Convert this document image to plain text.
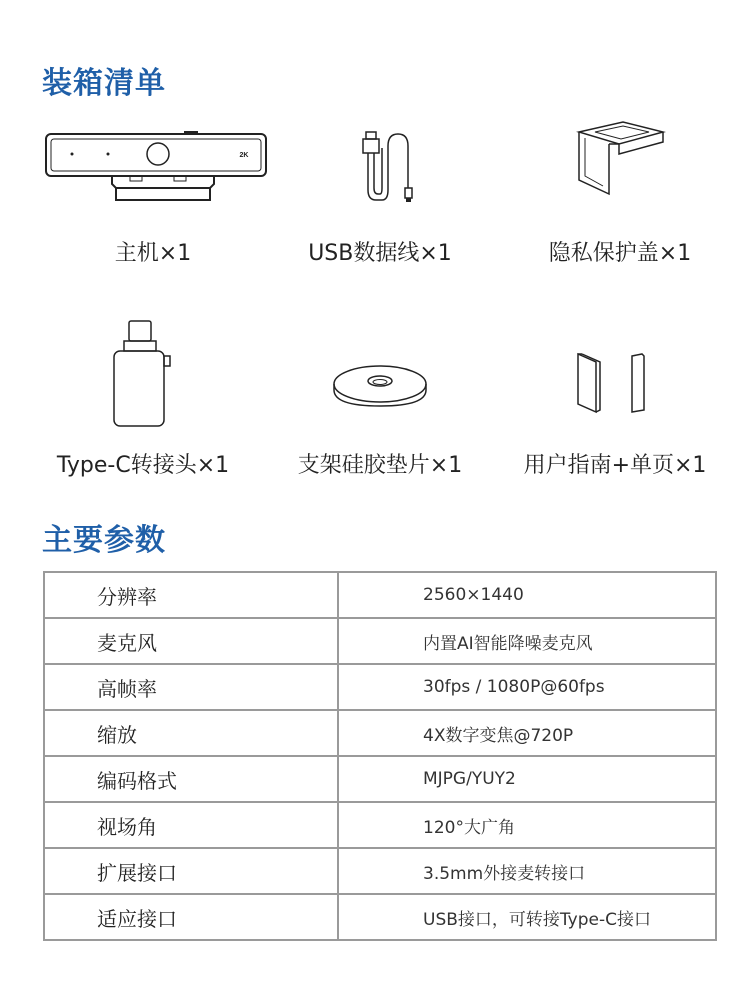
装箱清单
2K
主机×1	USB数据线×1	隐私保护盖×1
Type-C转接头×1	支架硅胶垫片×1	用户指南+单页×1
主要参数
分辨率	2560×1440
麦克风	内置AI智能降噪麦克风
高帧率	30fps / 1080P@60fps
缩放	4X数字变焦@720P
编码格式	MJPG/YUY2
视场角	120°大广角
扩展接口	3.5mm外接麦转接口
适应接口	USB接口，可转接Type-C接口
